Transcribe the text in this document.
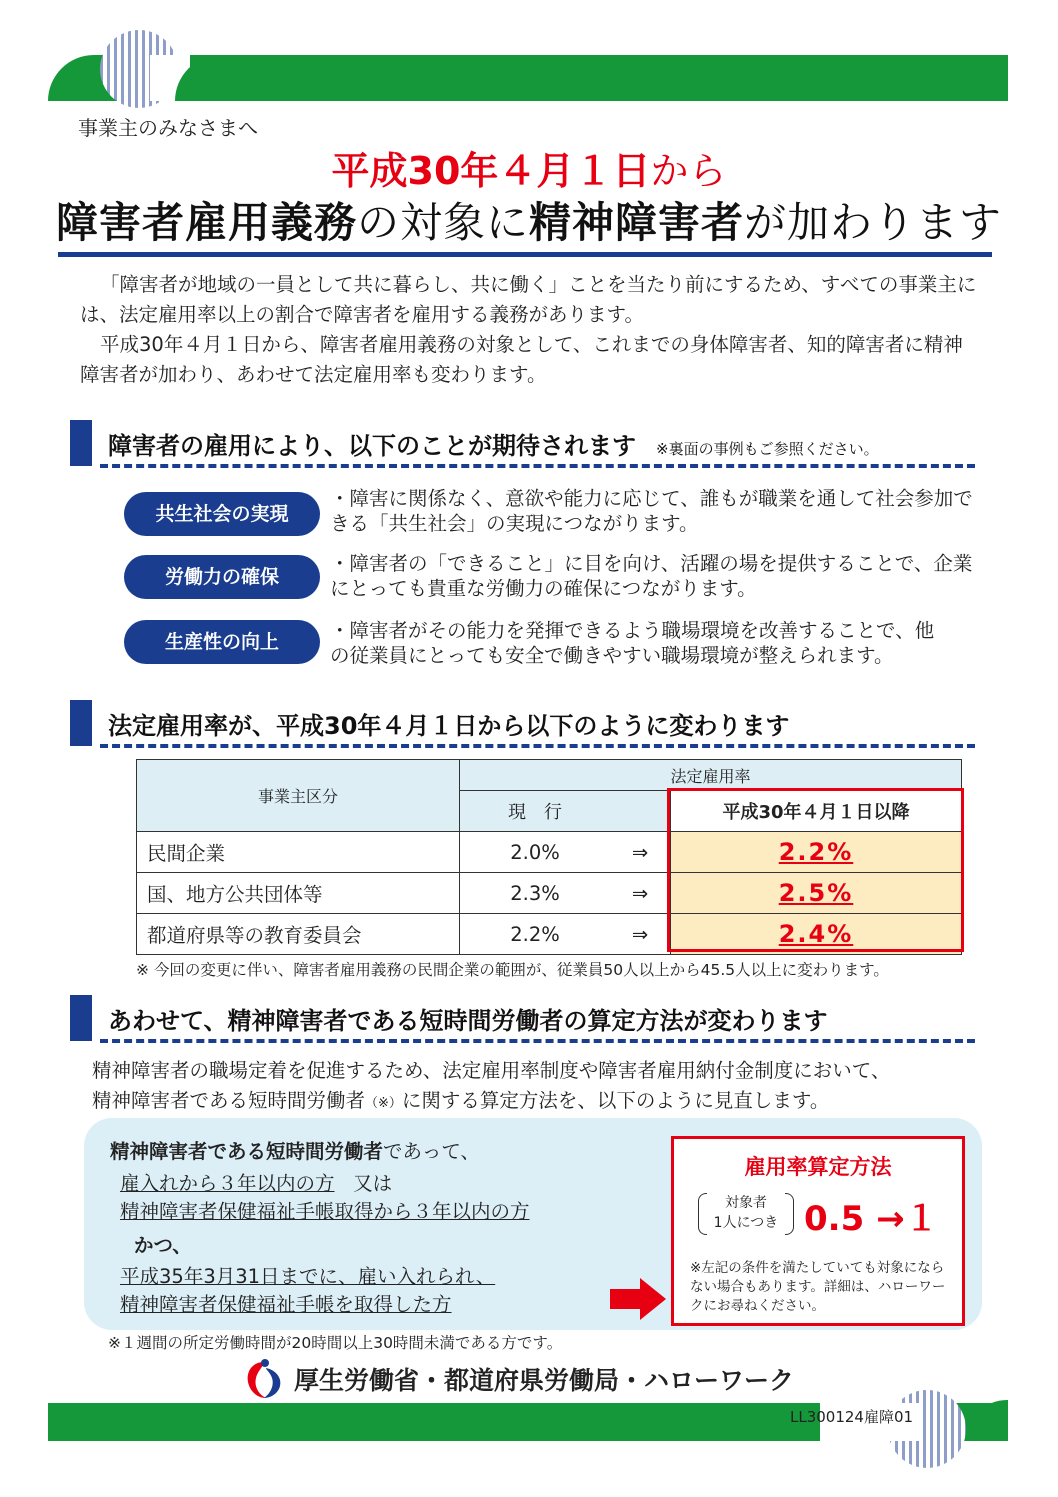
事業主のみなさまへ
平成30年４月１日から
障害者雇用義務の対象に精神障害者が加わります

「障害者が地域の一員として共に暮らし、共に働く」ことを当たり前にするため、すべての事業主には、法定雇用率以上の割合で障害者を雇用する義務があります。

平成30年４月１日から、障害者雇用義務の対象として、これまでの身体障害者、知的障害者に精神障害者が加わり、あわせて法定雇用率も変わります。

障害者の雇用により、以下のことが期待されます ※裏面の事例もご参照ください。
共生社会の実現
・障害に関係なく、意欲や能力に応じて、誰もが職業を通して社会参加できる「共生社会」の実現につながります。
労働力の確保
・障害者の「できること」に目を向け、活躍の場を提供することで、企業にとっても貴重な労働力の確保につながります。
生産性の向上	・障害者がその能力を発揮できるよう職場環境を改善することで、他の従業員にとっても安全で働きやすい職場環境が整えられます。
法定雇用率が、平成30年４月１日から以下のように変わります
事業主区分	法定雇用率		
	現　行		平成30年４月１日以降
民間企業	2.0%	⇒	2.2%
国、地方公共団体等	2.3%	⇒	2.5%
都道府県等の教育委員会	2.2%	⇒	2.4%
※ 今回の変更に伴い、障害者雇用義務の民間企業の範囲が、従業員50人以上から45.5人以上に変わります。
あわせて、精神障害者である短時間労働者の算定方法が変わります

精神障害者の職場定着を促進するため、法定雇用率制度や障害者雇用納付金制度において、

精神障害者である短時間労働者（※）に関する算定方法を、以下のように見直します。

精神障害者である短時間労働者であって、
雇入れから３年以内の方 又は
精神障害者保健福祉手帳取得から３年以内の方
かつ、
平成35年3月31日までに、雇い入れられ、
精神障害者保健福祉手帳を取得した方
雇用率算定方法
対象者
1人につき 0.5 →１
※左記の条件を満たしていても対象にならない場合もあります。詳細は、ハローワークにお尋ねください。
※１週間の所定労働時間が20時間以上30時間未満である方です。
厚生労働省・都道府県労働局・ハローワーク
LL300124雇障01
